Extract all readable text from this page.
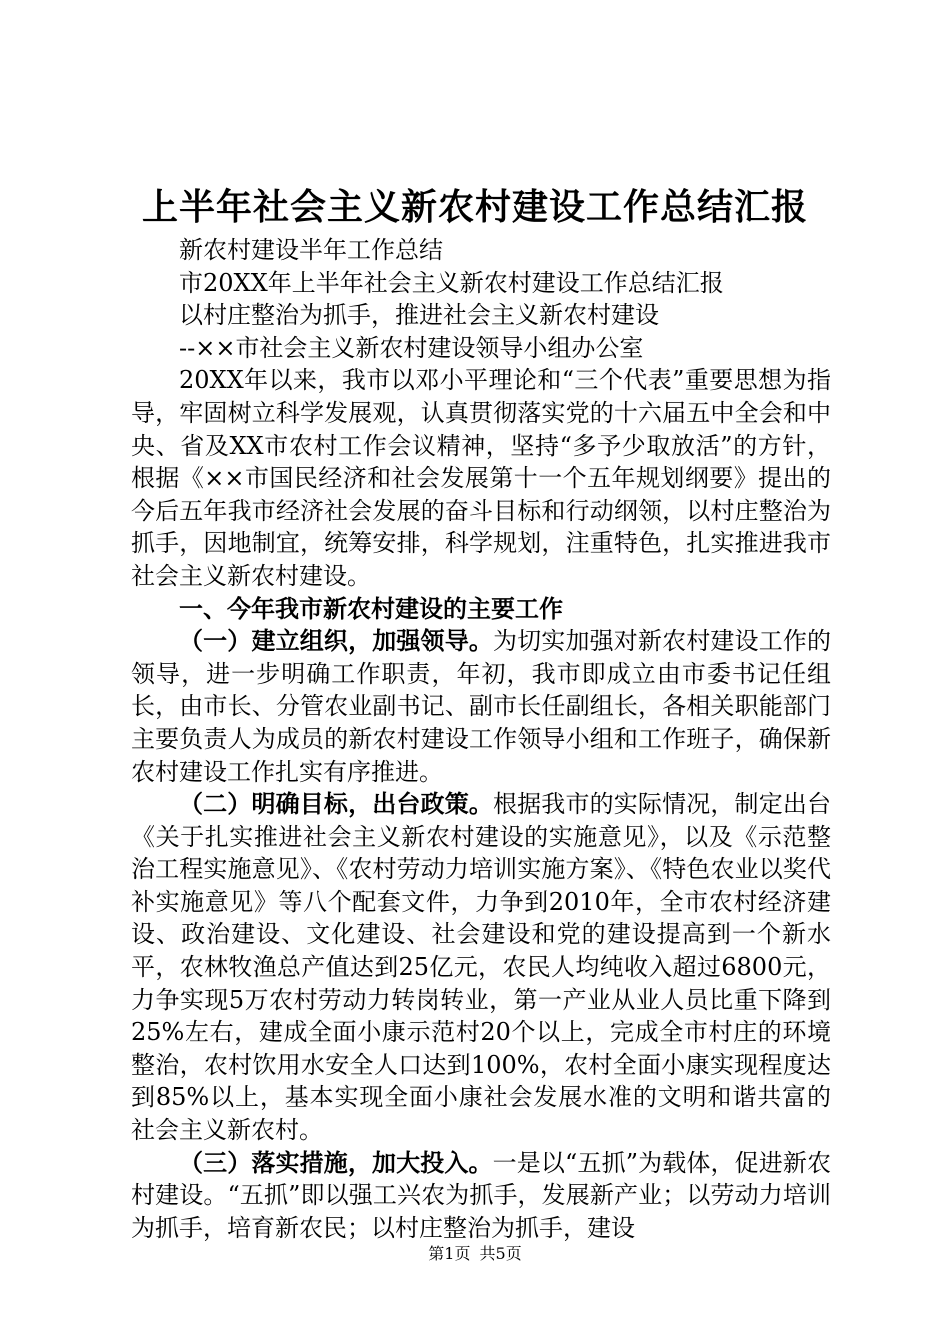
上半年社会主义新农村建设工作总结汇报
新农村建设半年工作总结
市20XX年上半年社会主义新农村建设工作总结汇报
以村庄整治为抓手，推进社会主义新农村建设
--××市社会主义新农村建设领导小组办公室

20XX年以来，我市以邓小平理论和“三个代表”重要思想为指导，牢固树立科学发展观，认真贯彻落实党的十六届五中全会和中央、省及XX市农村工作会议精神，坚持“多予少取放活”的方针，根据《××市国民经济和社会发展第十一个五年规划纲要》提出的今后五年我市经济社会发展的奋斗目标和行动纲领，以村庄整治为抓手，因地制宜，统筹安排，科学规划，注重特色，扎实推进我市社会主义新农村建设。

一、今年我市新农村建设的主要工作

（一）建立组织，加强领导。为切实加强对新农村建设工作的领导，进一步明确工作职责，年初，我市即成立由市委书记任组长，由市长、分管农业副书记、副市长任副组长，各相关职能部门主要负责人为成员的新农村建设工作领导小组和工作班子，确保新农村建设工作扎实有序推进。

（二）明确目标，出台政策。根据我市的实际情况，制定出台《关于扎实推进社会主义新农村建设的实施意见》，以及《示范整治工程实施意见》、《农村劳动力培训实施方案》、《特色农业以奖代补实施意见》等八个配套文件，力争到2010年，全市农村经济建设、政治建设、文化建设、社会建设和党的建设提高到一个新水平，农林牧渔总产值达到25亿元，农民人均纯收入超过6800元，力争实现5万农村劳动力转岗转业，第一产业从业人员比重下降到25%左右，建成全面小康示范村20个以上，完成全市村庄的环境整治，农村饮用水安全人口达到100%，农村全面小康实现程度达到85%以上，基本实现全面小康社会发展水准的文明和谐共富的社会主义新农村。

（三）落实措施，加大投入。一是以“五抓”为载体，促进新农村建设。“五抓”即以强工兴农为抓手，发展新产业；以劳动力培训为抓手，培育新农民；以村庄整治为抓手，建设

第1页 共5页
